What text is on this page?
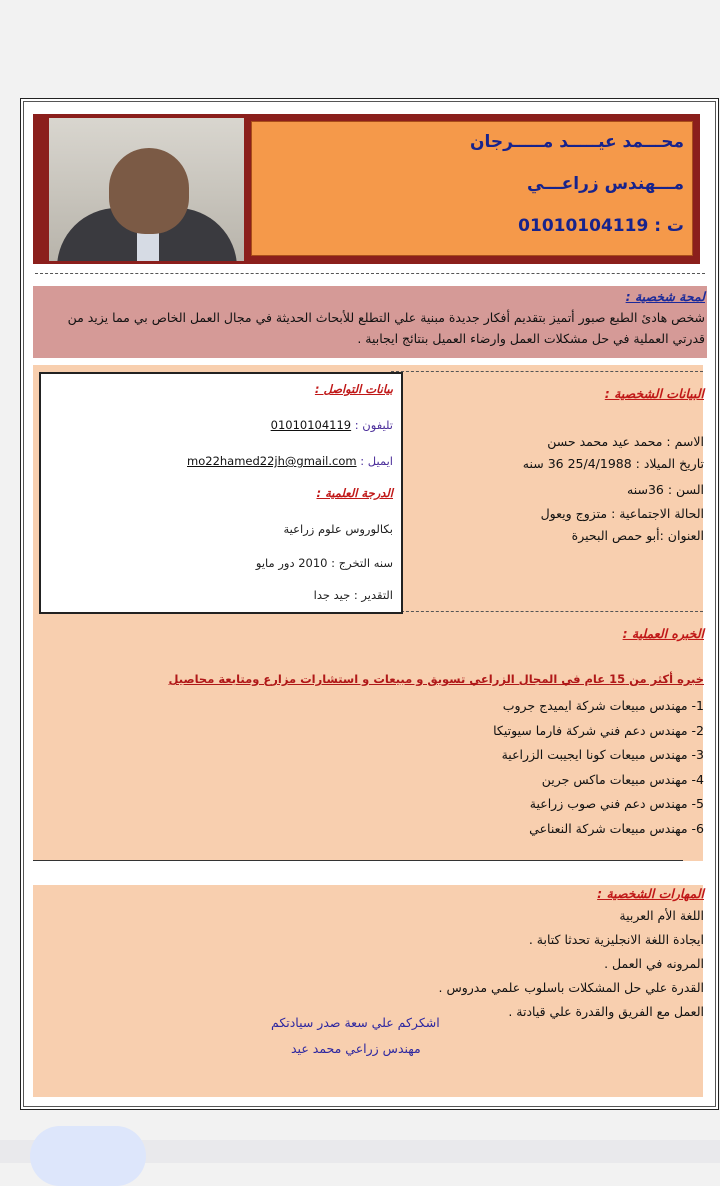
محـــمد عيـــــد مـــــرجان
مـــهندس زراعـــي
ت : 01010104119
لمحة شخصية :
شخص هادئ الطبع صبور أتميز بتقديم أفكار جديدة مبنية علي التطلع للأبحاث الحديثة في مجال العمل الخاص بي مما يزيد من قدرتي العملية في حل مشكلات العمل وارضاء العميل بنتائج ايجابية .
بيانات التواصل :
تليفون : 01010104119
ايميل : mo22hamed22jh@gmail.com
الدرجة العلمية :
بكالوروس علوم زراعية
سنه التخرج : 2010 دور مايو
التقدير : جيد جدا
البيانات الشخصية :
الاسم : محمد عيد محمد حسن
تاريخ الميلاد : 25/4/1988 36 سنه
السن : 36سنه
الحالة الاجتماعية : متزوج ويعول
العنوان :أبو حمص البحيرة
الخبره العملية :
خبره أكثر من 15 عام في المجال الزراعي تسويق و مبيعات و استشارات مزارع ومتابعة محاصيل
1- مهندس مبيعات شركة ايميدج جروب
2- مهندس دعم فني شركة فارما سيوتيكا
3- مهندس مبيعات كونا ايجيبت الزراعية
4- مهندس مبيعات ماكس جرين
5- مهندس دعم فني صوب زراعية
6- مهندس مبيعات شركة النعناعي
المهارات الشخصية :
اللغة الأم العربية
ايجادة اللغة الانجليزية تحدثا كتابة .
المرونه في العمل .
القدرة علي حل المشكلات باسلوب علمي مدروس .
العمل مع الفريق والقدرة علي قيادتة .
اشكركم علي سعة صدر سيادتكم
مهندس زراعي محمد عيد
